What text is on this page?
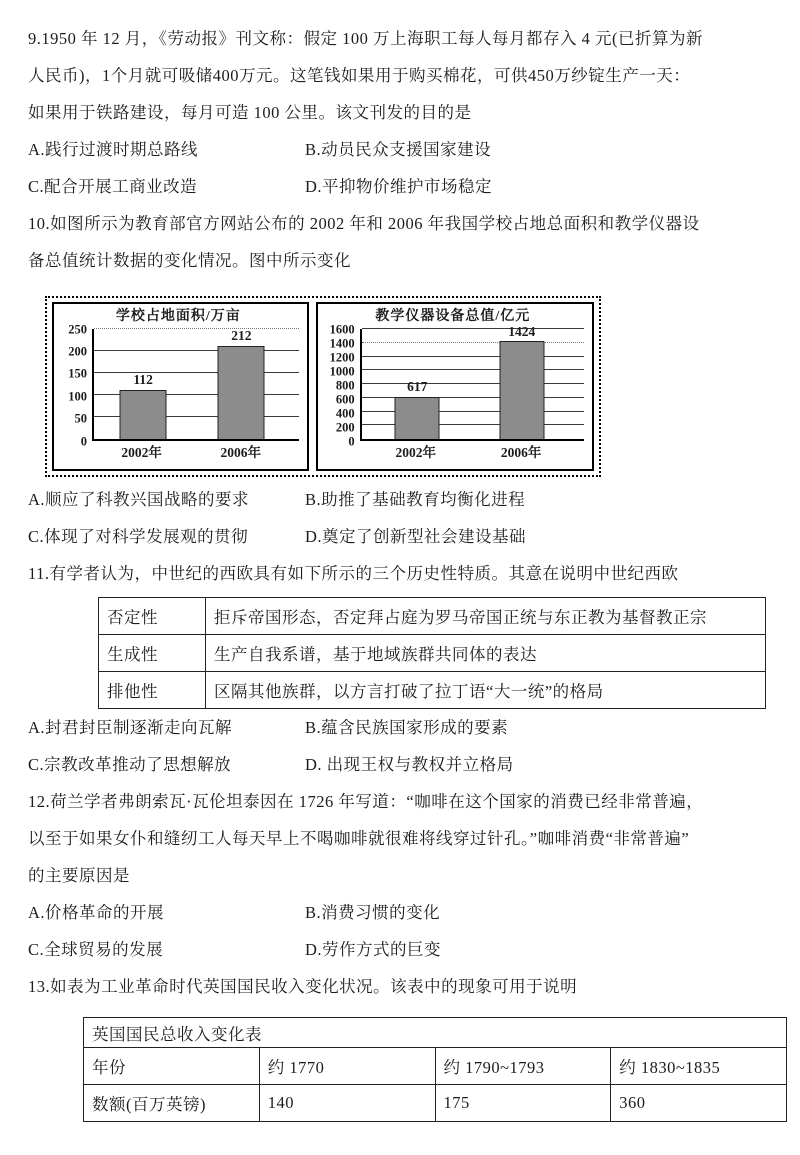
9.1950 年 12 月，《劳动报》刊文称：假定 100 万上海职工每人每月都存入 4 元(已折算为新
人民币)，1个月就可吸储400万元。这笔钱如果用于购买棉花，可供450万纱锭生产一天：
如果用于铁路建设，每月可造 100 公里。该文刊发的目的是
A.践行过渡时期总路线	B.动员民众支援国家建设
C.配合开展工商业改造	D.平抑物价维护市场稳定
10.如图所示为教育部官方网站公布的 2002 年和 2006 年我国学校占地总面积和教学仪器设
备总值统计数据的变化情况。图中所示变化
学校占地面积/万亩
0
50
100
150
200
250
112
212
2002年	2006年
教学仪器设备总值/亿元
0
200
400
600
800
1000
1200
1400
1600
617
1424
2002年	2006年
A.顺应了科教兴国战略的要求	B.助推了基础教育均衡化进程
C.体现了对科学发展观的贯彻	D.奠定了创新型社会建设基础
11.有学者认为，中世纪的西欧具有如下所示的三个历史性特质。其意在说明中世纪西欧
否定性	拒斥帝国形态，否定拜占庭为罗马帝国正统与东正教为基督教正宗
生成性	生产自我系谱，基于地域族群共同体的表达
排他性	区隔其他族群，以方言打破了拉丁语“大一统”的格局
A.封君封臣制逐渐走向瓦解	B.蕴含民族国家形成的要素
C.宗教改革推动了思想解放	D. 出现王权与教权并立格局
12.荷兰学者弗朗索瓦·瓦伦坦泰因在 1726 年写道：“咖啡在这个国家的消费已经非常普遍，
以至于如果女仆和缝纫工人每天早上不喝咖啡就很难将线穿过针孔。”咖啡消费“非常普遍”
的主要原因是
A.价格革命的开展	B.消费习惯的变化
C.全球贸易的发展	D.劳作方式的巨变
13.如表为工业革命时代英国国民收入变化状况。该表中的现象可用于说明
英国国民总收入变化表			
年份	约 1770	约 1790~1793	约 1830~1835
数额(百万英镑)	140	175	360
